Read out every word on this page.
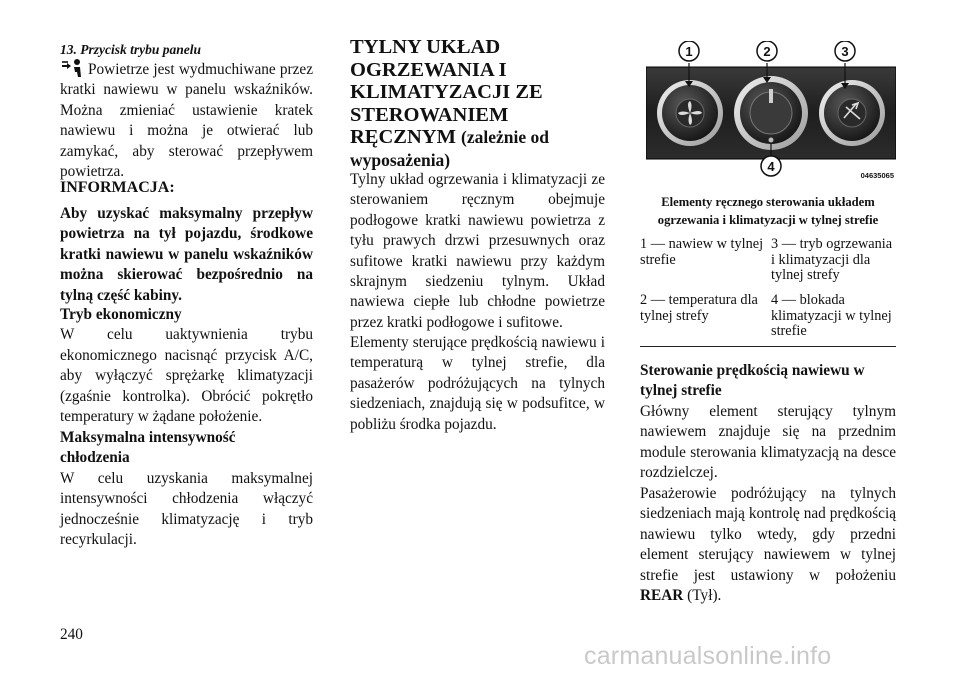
13. Przycisk trybu panelu

Powietrze jest wydmuchiwane przez kratki nawiewu w panelu wskaźników. Można zmieniać ustawienie kratek nawiewu i można je otwierać lub zamykać, aby sterować przepływem powietrza.

INFORMACJA:

Aby uzyskać maksymalny przepływ powietrza na tył pojazdu, środkowe kratki nawiewu w panelu wskaźników można skierować bezpośrednio na tylną część kabiny.

Tryb ekonomiczny

W celu uaktywnienia trybu ekonomicznego nacisnąć przycisk A/C, aby wyłączyć sprężarkę klimatyzacji (zgaśnie kontrolka). Obrócić pokrętło temperatury w żądane położenie.

Maksymalna intensywność chłodzenia

W celu uzyskania maksymalnej intensywności chłodzenia włączyć jednocześnie klimatyzację i tryb recyrkulacji.

TYLNY UKŁAD OGRZEWANIA I KLIMATYZACJI ZE STEROWANIEM RĘCZNYM (zależnie od wyposażenia)

Tylny układ ogrzewania i klimatyzacji ze sterowaniem ręcznym obejmuje podłogowe kratki nawiewu powietrza z tyłu prawych drzwi przesuwnych oraz sufitowe kratki nawiewu przy każdym skrajnym siedzeniu tylnym. Układ nawiewa ciepłe lub chłodne powietrze przez kratki podłogowe i sufitowe.

Elementy sterujące prędkością nawiewu i temperaturą w tylnej strefie, dla pasażerów podróżujących na tylnych siedzeniach, znajdują się w podsufitce, w pobliżu środka pojazdu.

1	2	3
4
04635065
Elementy ręcznego sterowania układem ogrzewania i klimatyzacji w tylnej strefie
1 — nawiew w tylnej strefie
3 — tryb ogrzewania i klimatyzacji dla tylnej strefy
2 — temperatura dla tylnej strefy
4 — blokada klimatyzacji w tylnej strefie

Sterowanie prędkością nawiewu w tylnej strefie

Główny element sterujący tylnym nawiewem znajduje się na przednim module sterowania klimatyzacją na desce rozdzielczej.

Pasażerowie podróżujący na tylnych siedzeniach mają kontrolę nad prędkością nawiewu tylko wtedy, gdy przedni element sterujący nawiewem w tylnej strefie jest ustawiony w położeniu REAR (Tył).

240
carmanualsonline.info
